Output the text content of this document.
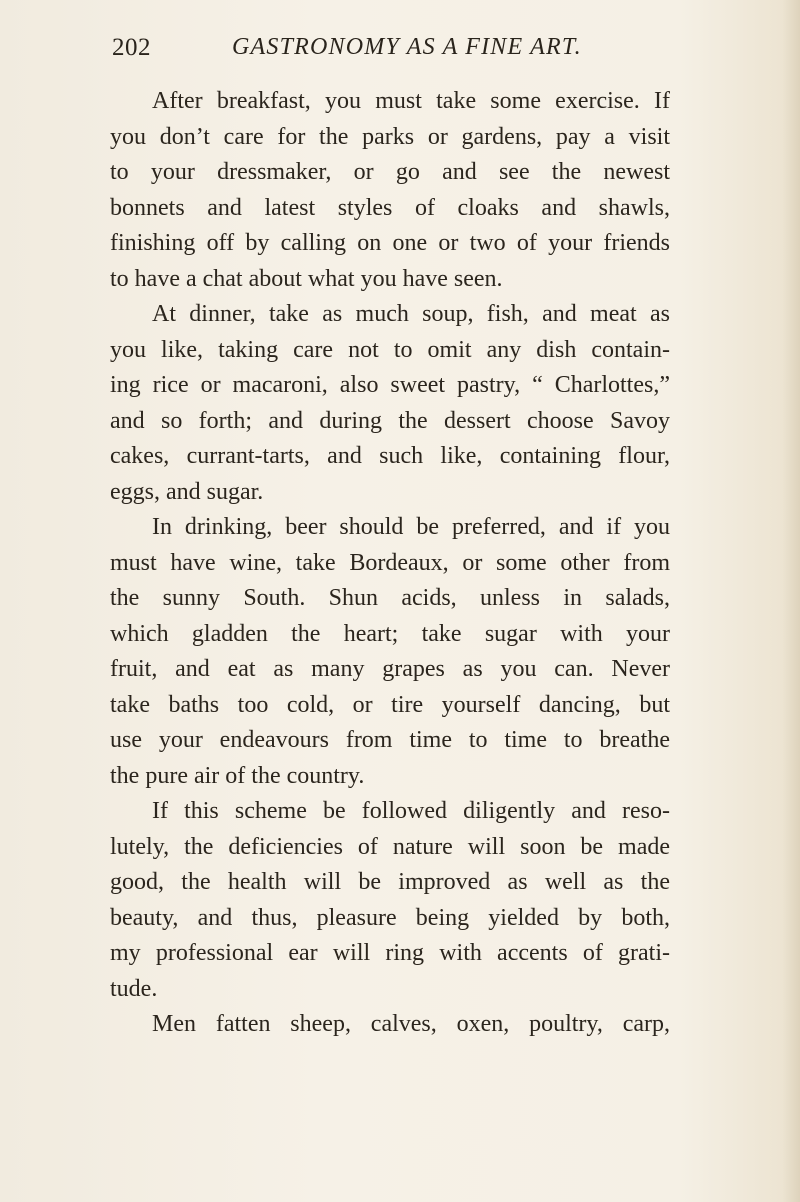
202	GASTRONOMY AS A FINE ART.
After breakfast, you must take some exercise. If
you don’t care for the parks or gardens, pay a visit
to your dressmaker, or go and see the newest
bonnets and latest styles of cloaks and shawls,
finishing off by calling on one or two of your friends
to have a chat about what you have seen.
At dinner, take as much soup, fish, and meat as
you like, taking care not to omit any dish contain-
ing rice or macaroni, also sweet pastry, “ Charlottes,”
and so forth; and during the dessert choose Savoy
cakes, currant-tarts, and such like, containing flour,
eggs, and sugar.
In drinking, beer should be preferred, and if you
must have wine, take Bordeaux, or some other from
the sunny South. Shun acids, unless in salads,
which gladden the heart; take sugar with your
fruit, and eat as many grapes as you can. Never
take baths too cold, or tire yourself dancing, but
use your endeavours from time to time to breathe
the pure air of the country.
If this scheme be followed diligently and reso-
lutely, the deficiencies of nature will soon be made
good, the health will be improved as well as the
beauty, and thus, pleasure being yielded by both,
my professional ear will ring with accents of grati-
tude.
Men fatten sheep, calves, oxen, poultry, carp,
